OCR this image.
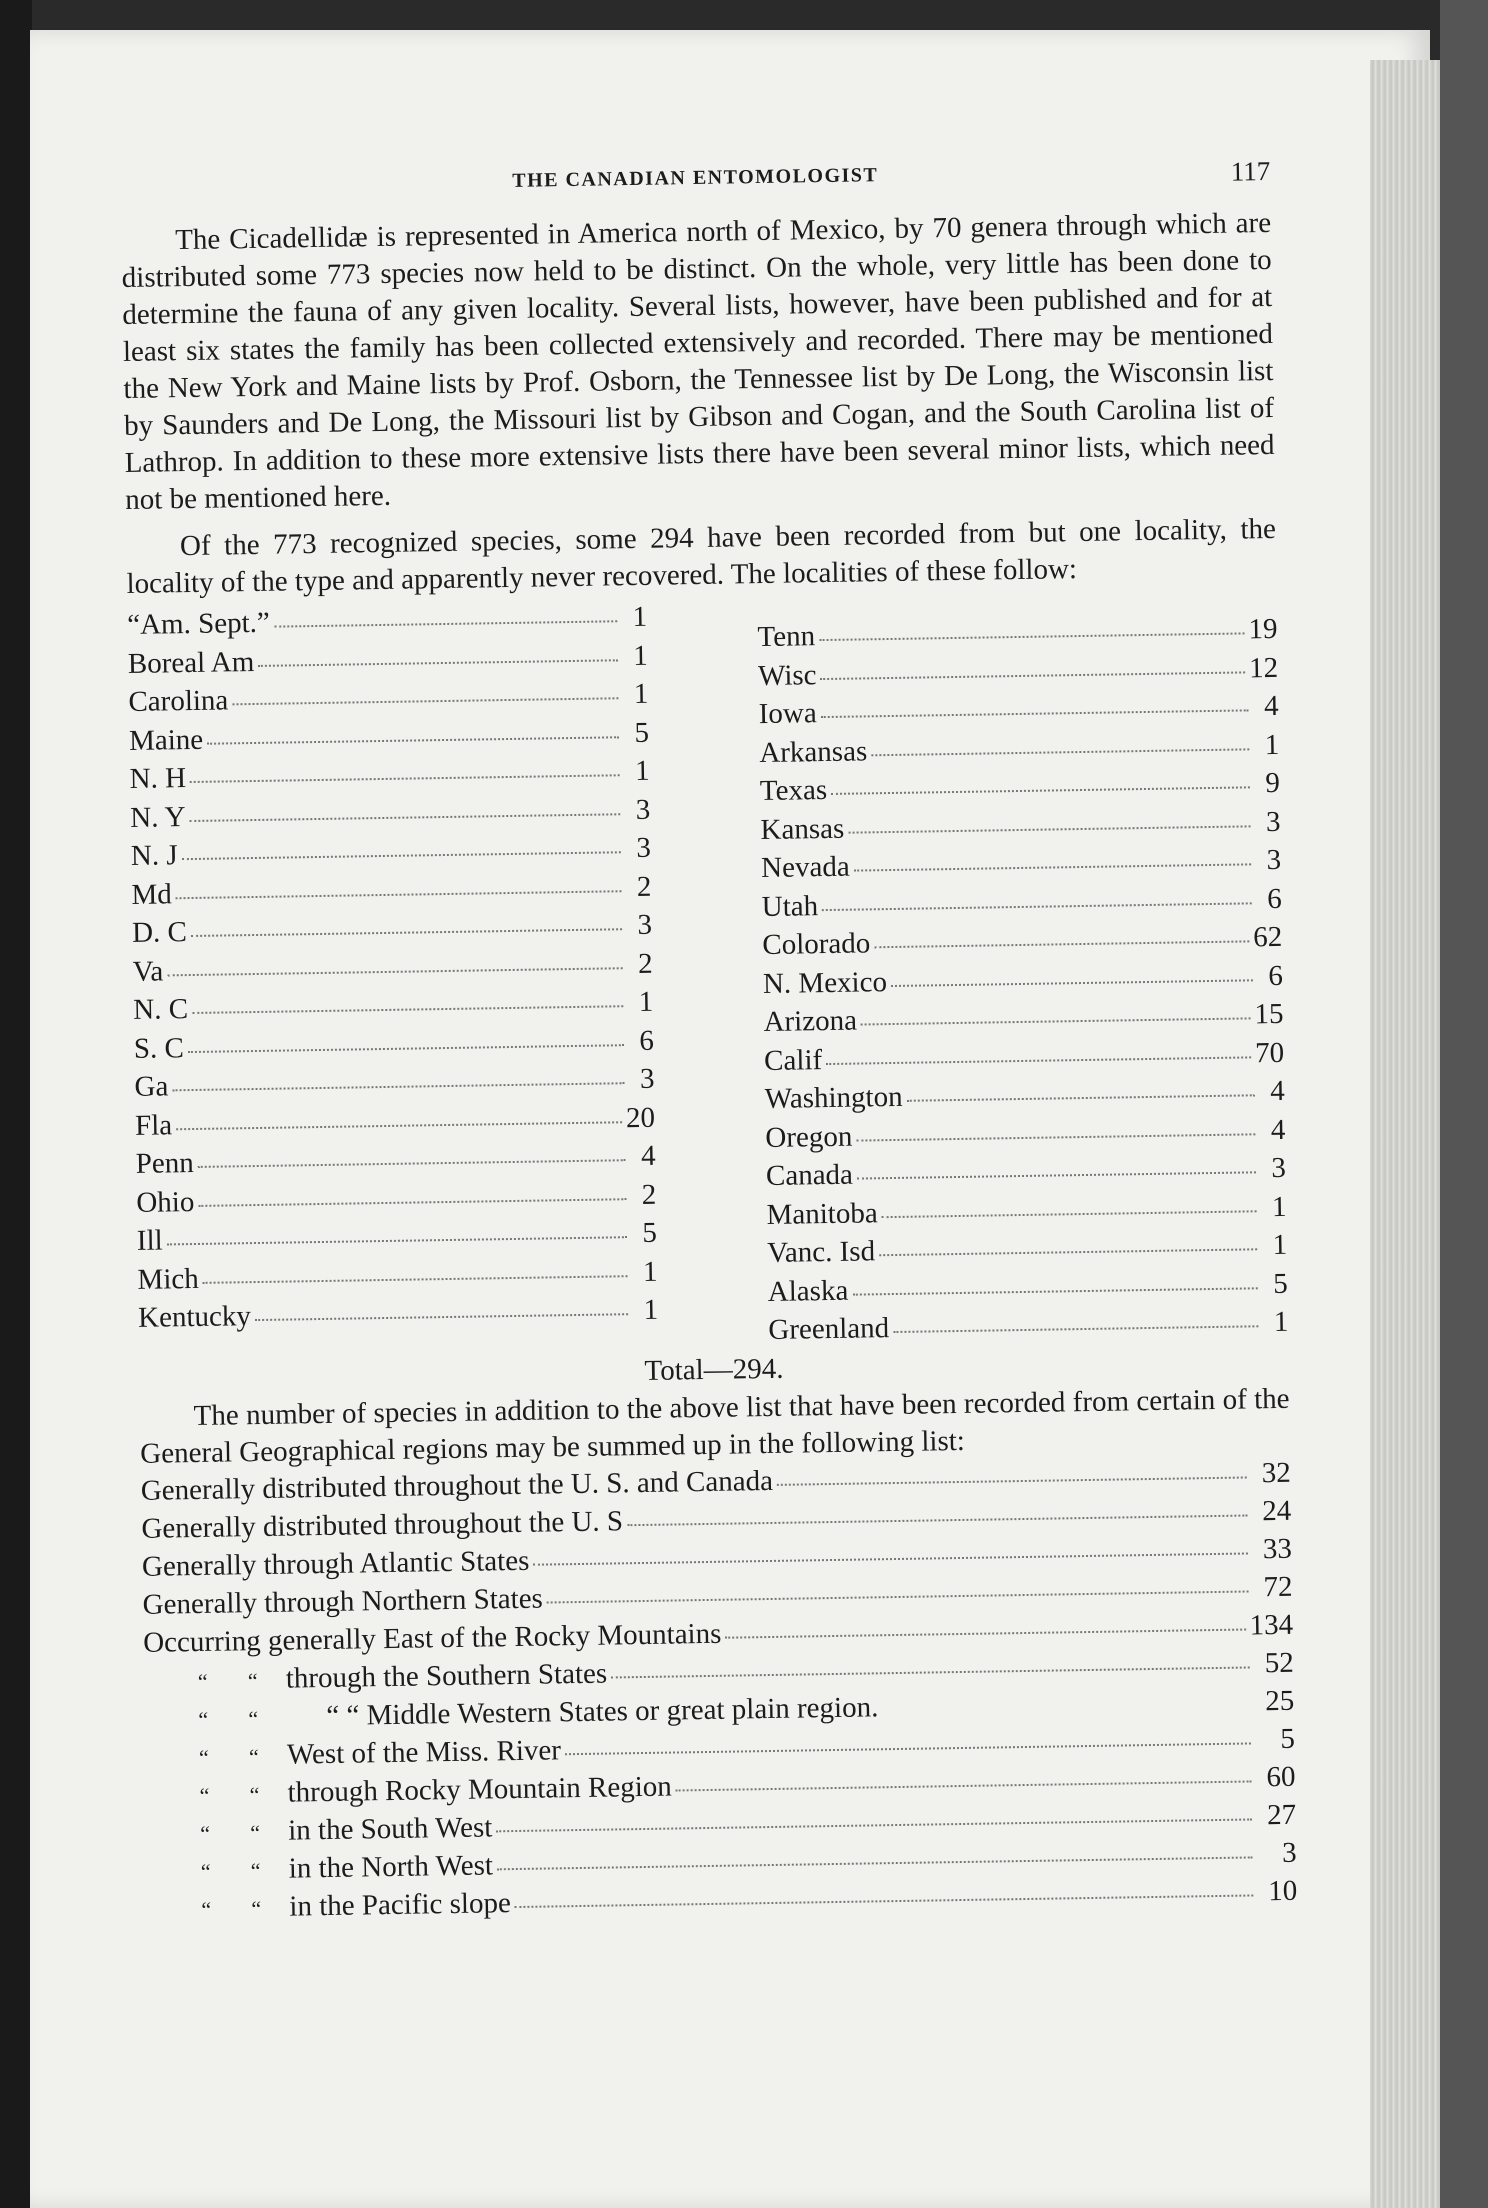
THE CANADIAN ENTOMOLOGIST	117

The Cicadellidæ is represented in America north of Mexico, by 70 genera through which are distributed some 773 species now held to be distinct. On the whole, very little has been done to determine the fauna of any given locality. Several lists, however, have been published and for at least six states the family has been collected extensively and recorded. There may be mentioned the New York and Maine lists by Prof. Osborn, the Tennessee list by De Long, the Wisconsin list by Saunders and De Long, the Missouri list by Gibson and Cogan, and the South Carolina list of Lathrop. In addition to these more extensive lists there have been several minor lists, which need not be mentioned here.

Of the 773 recognized species, some 294 have been recorded from but one locality, the locality of the type and apparently never recovered. The localities of these follow:

“Am. Sept.”	1
Boreal Am	1
Carolina	1
Maine	5
N. H	1
N. Y	3
N. J	3
Md	2
D. C	3
Va	2
N. C	1
S. C	6
Ga	3
Fla	20
Penn	4
Ohio	2
Ill	5
Mich	1
Kentucky	1
Tenn	19
Wisc	12
Iowa	4
Arkansas	1
Texas	9
Kansas	3
Nevada	3
Utah	6
Colorado	62
N. Mexico	6
Arizona	15
Calif	70
Washington	4
Oregon	4
Canada	3
Manitoba	1
Vanc. Isd	1
Alaska	5
Greenland	1
Total—294.

The number of species in addition to the above list that have been recorded from certain of the General Geographical regions may be summed up in the following list:

Generally distributed throughout the U. S. and Canada	32
Generally distributed throughout the U. S	24
Generally through Atlantic States	33
Generally through Northern States	72
Occurring generally East of the Rocky Mountains	134
“ “ through the Southern States	52
“ “	“ “ Middle Western States or great plain region.	25
“ “ West of the Miss. River	5
“ “ through Rocky Mountain Region	60
“ “ in the South West	27
“ “ in the North West	3
“ “ in the Pacific slope	10
